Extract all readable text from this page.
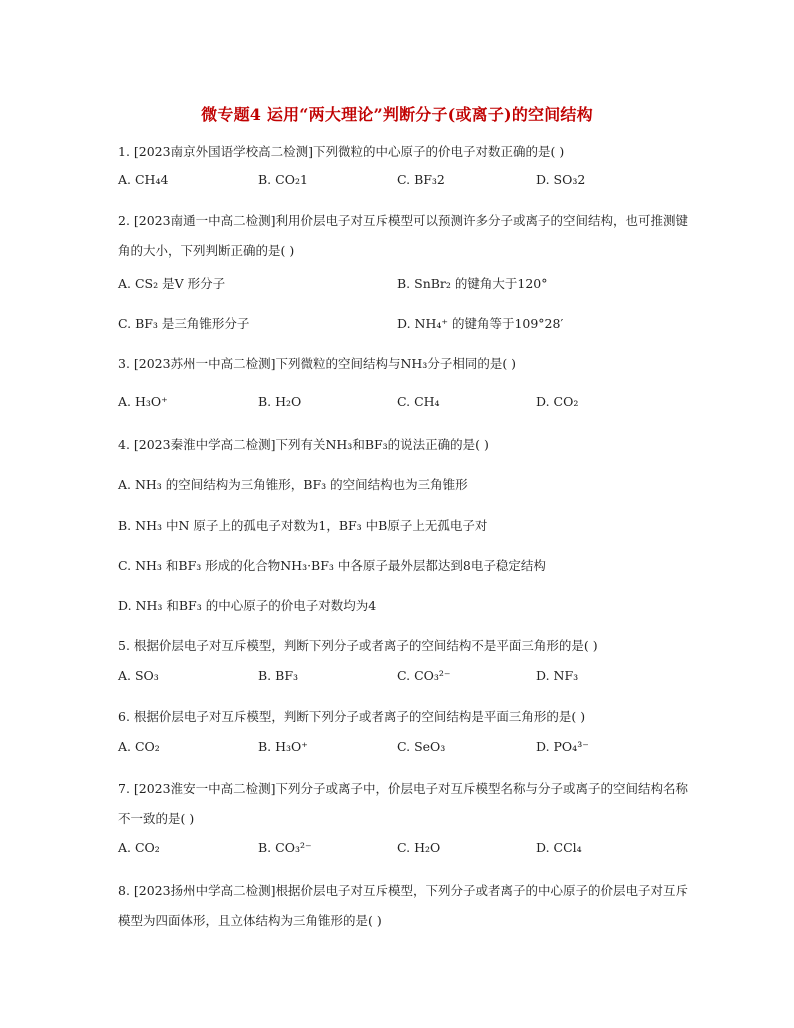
微专题4 运用“两大理论”判断分子(或离子)的空间结构
1. [2023南京外国语学校高二检测]下列微粒的中心原子的价电子对数正确的是( )
A. CH₄4	B. CO₂1	C. BF₃2	D. SO₃2
2. [2023南通一中高二检测]利用价层电子对互斥模型可以预测许多分子或离子的空间结构，也可推测键角的大小，下列判断正确的是( )
A. CS₂ 是V 形分子	B. SnBr₂ 的键角大于120°
C. BF₃ 是三角锥形分子	D. NH₄⁺ 的键角等于109°28′
3. [2023苏州一中高二检测]下列微粒的空间结构与NH₃分子相同的是( )
A. H₃O⁺	B. H₂O	C. CH₄	D. CO₂
4. [2023秦淮中学高二检测]下列有关NH₃和BF₃的说法正确的是( )
A. NH₃ 的空间结构为三角锥形，BF₃ 的空间结构也为三角锥形
B. NH₃ 中N 原子上的孤电子对数为1，BF₃ 中B原子上无孤电子对
C. NH₃ 和BF₃ 形成的化合物NH₃·BF₃ 中各原子最外层都达到8电子稳定结构
D. NH₃ 和BF₃ 的中心原子的价电子对数均为4
5. 根据价层电子对互斥模型，判断下列分子或者离子的空间结构不是平面三角形的是( )
A. SO₃	B. BF₃	C. CO₃²⁻	D. NF₃
6. 根据价层电子对互斥模型，判断下列分子或者离子的空间结构是平面三角形的是( )
A. CO₂	B. H₃O⁺	C. SeO₃	D. PO₄³⁻
7. [2023淮安一中高二检测]下列分子或离子中，价层电子对互斥模型名称与分子或离子的空间结构名称不一致的是( )
A. CO₂	B. CO₃²⁻	C. H₂O	D. CCl₄
8. [2023扬州中学高二检测]根据价层电子对互斥模型，下列分子或者离子的中心原子的价层电子对互斥模型为四面体形，且立体结构为三角锥形的是( )
